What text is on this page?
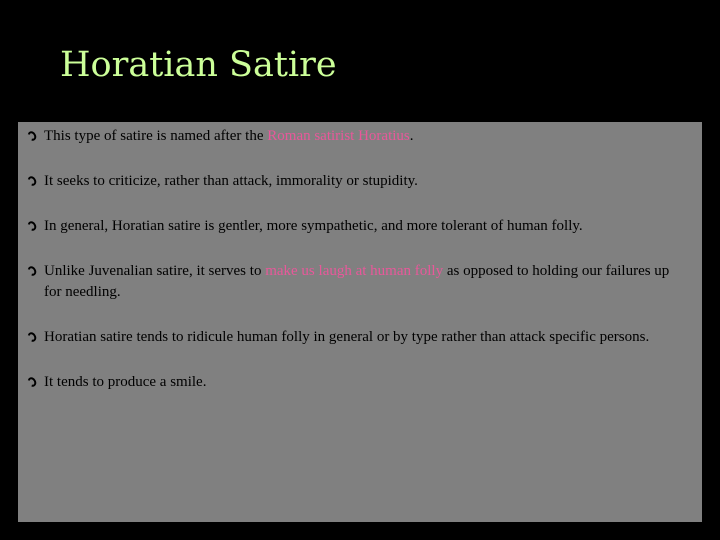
Horatian Satire
This type of satire is named after the Roman satirist Horatius.
It seeks to criticize, rather than attack, immorality or stupidity.
In general, Horatian satire is gentler, more sympathetic, and more tolerant of human folly.
Unlike Juvenalian satire, it serves to make us laugh at human folly as opposed to holding our failures up for needling.
Horatian satire tends to ridicule human folly in general or by type rather than attack specific persons.
It tends to produce a smile.
